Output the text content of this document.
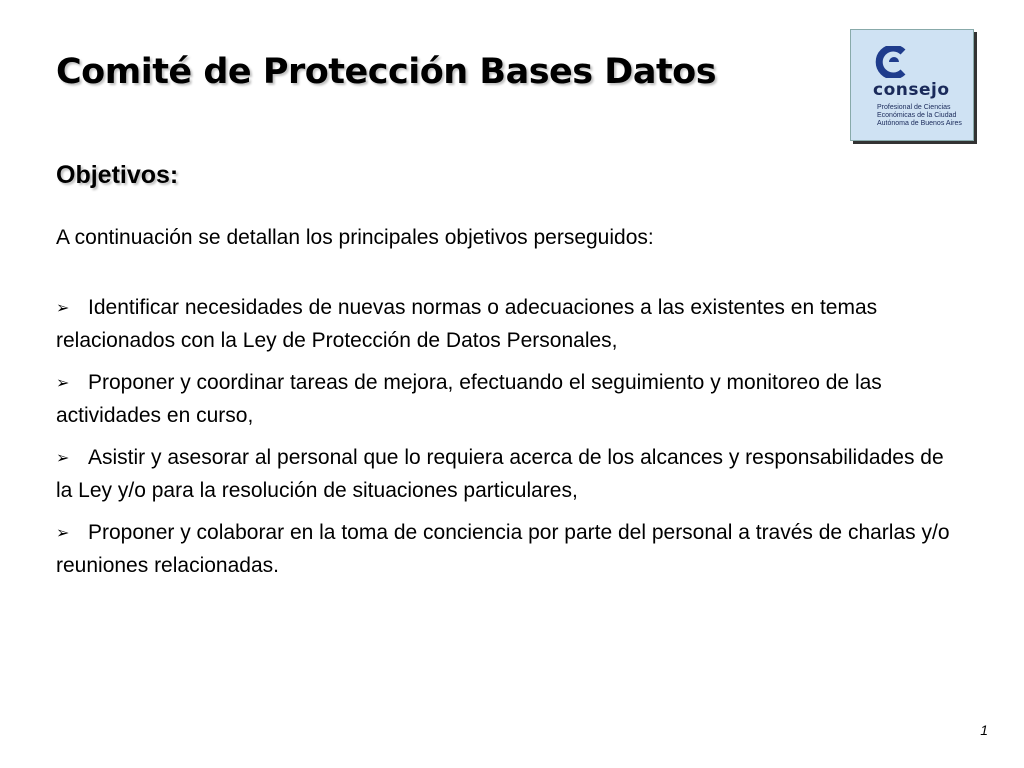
Comité de Protección Bases Datos	consejo
Profesional de Ciencias
Económicas de la Ciudad
Autónoma de Buenos Aires
Objetivos:
A continuación se detallan los principales objetivos perseguidos:
➢ Identificar necesidades de nuevas normas o adecuaciones a las existentes en temas relacionados con la Ley de Protección de Datos Personales,
➢ Proponer y coordinar tareas de mejora, efectuando el seguimiento y monitoreo de las actividades en curso,
➢ Asistir y asesorar al personal que lo requiera acerca de los alcances y responsabilidades de la Ley y/o para la resolución de situaciones particulares,
➢ Proponer y colaborar en la toma de conciencia por parte del personal a través de charlas y/o reuniones relacionadas.
1
